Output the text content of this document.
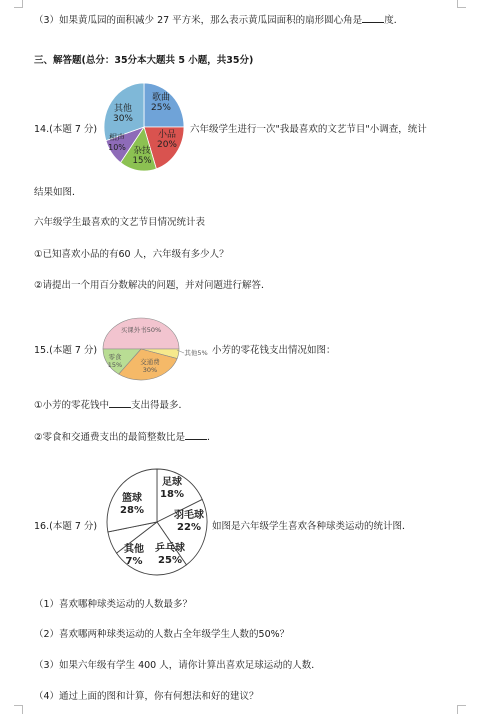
（3）如果黄瓜园的面积减少 27 平方米，那么表示黄瓜园面积的扇形圆心角是 度．
三、解答题(总分：35分本大题共 5 小题，共35分)
14.(本题 7 分)
歌曲
25%
小品
20%
杂技
15%
相声
10%
其他
30%
六年级学生进行一次"我最喜欢的文艺节目"小调查，统计
结果如图．
六年级学生最喜欢的文艺节目情况统计表
①已知喜欢小品的有60 人，六年级有多少人？
②请提出一个用百分数解决的问题，并对问题进行解答．
15.(本题 7 分)
买课外书50%
其他5%
交通费 30%
零食 15%
小芳的零花钱支出情况如图：
①小芳的零花钱中 支出得最多．
②零食和交通费支出的最简整数比是 ．
16.(本题 7 分)
足球
18%
羽毛球
22%
乒乓球
25%
其他
7%
篮球
28%
如图是六年级学生喜欢各种球类运动的统计图．
（1）喜欢哪种球类运动的人数最多？
（2）喜欢哪两种球类运动的人数占全年级学生人数的50%？
（3）如果六年级有学生 400 人，请你计算出喜欢足球运动的人数．
（4）通过上面的图和计算，你有何想法和好的建议？
